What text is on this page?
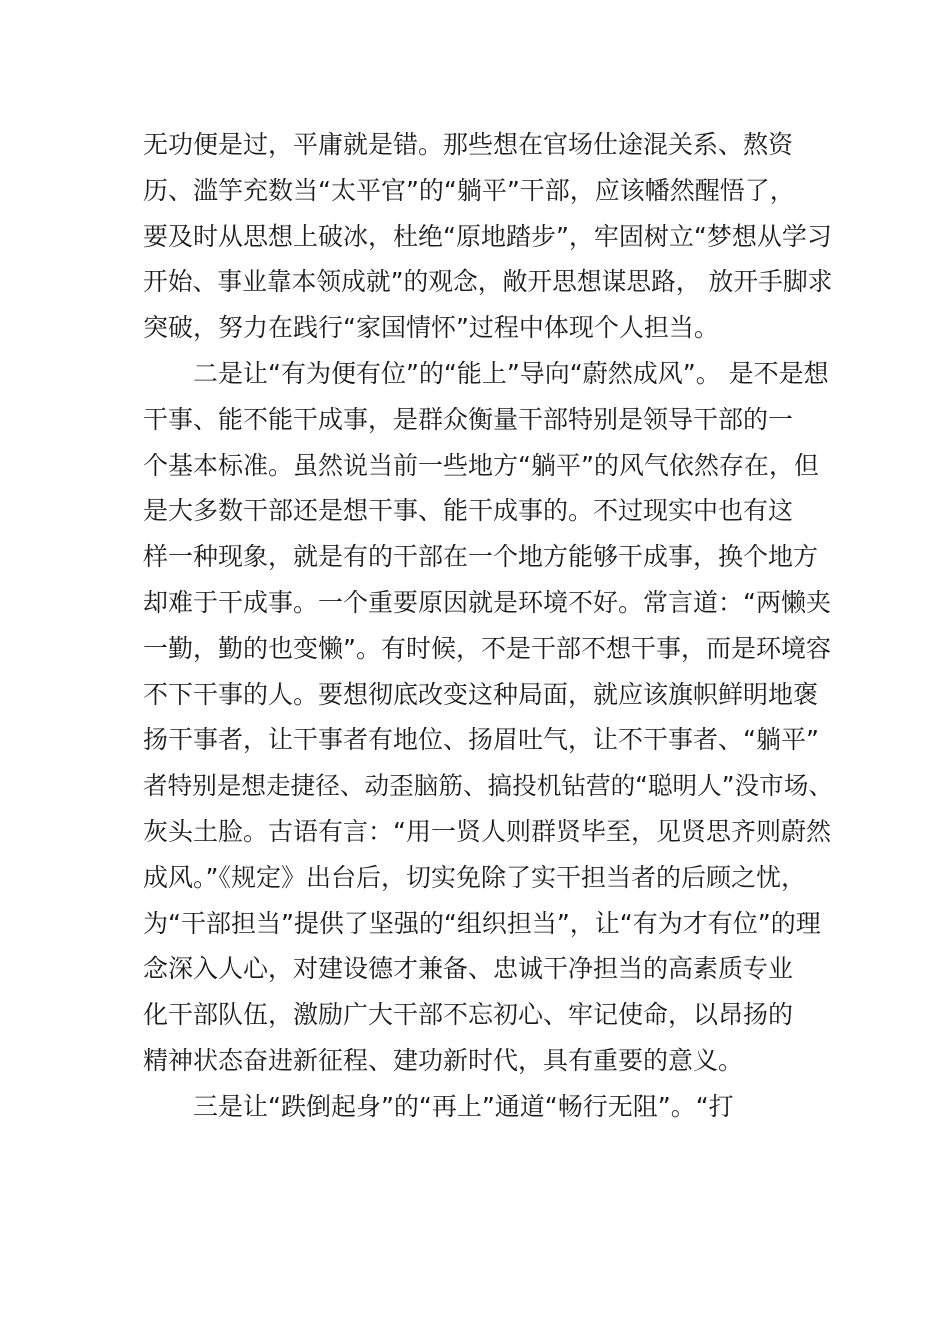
无功便是过，平庸就是错。那些想在官场仕途混关系、熬资
历、滥竽充数当“太平官”的“躺平”干部，应该幡然醒悟了，
要及时从思想上破冰，杜绝“原地踏步”，牢固树立“梦想从学习
开始、事业靠本领成就”的观念，敞开思想谋思路， 放开手脚求
突破，努力在践行“家国情怀”过程中体现个人担当。
二是让“有为便有位”的“能上”导向“蔚然成风”。 是不是想
干事、能不能干成事，是群众衡量干部特别是领导干部的一
个基本标准。虽然说当前一些地方“躺平”的风气依然存在，但
是大多数干部还是想干事、能干成事的。不过现实中也有这
样一种现象，就是有的干部在一个地方能够干成事，换个地方
却难于干成事。一个重要原因就是环境不好。常言道：“两懒夹
一勤，勤的也变懒”。有时候，不是干部不想干事，而是环境容
不下干事的人。要想彻底改变这种局面，就应该旗帜鲜明地褒
扬干事者，让干事者有地位、扬眉吐气，让不干事者、“躺平”
者特别是想走捷径、动歪脑筋、搞投机钻营的“聪明人”没市场、
灰头土脸。古语有言：“用一贤人则群贤毕至，见贤思齐则蔚然
成风。”《规定》出台后，切实免除了实干担当者的后顾之忧，
为“干部担当”提供了坚强的“组织担当”，让“有为才有位”的理
念深入人心，对建设德才兼备、忠诚干净担当的高素质专业
化干部队伍，激励广大干部不忘初心、牢记使命，以昂扬的
精神状态奋进新征程、建功新时代，具有重要的意义。
三是让“跌倒起身”的“再上”通道“畅行无阻”。“打
